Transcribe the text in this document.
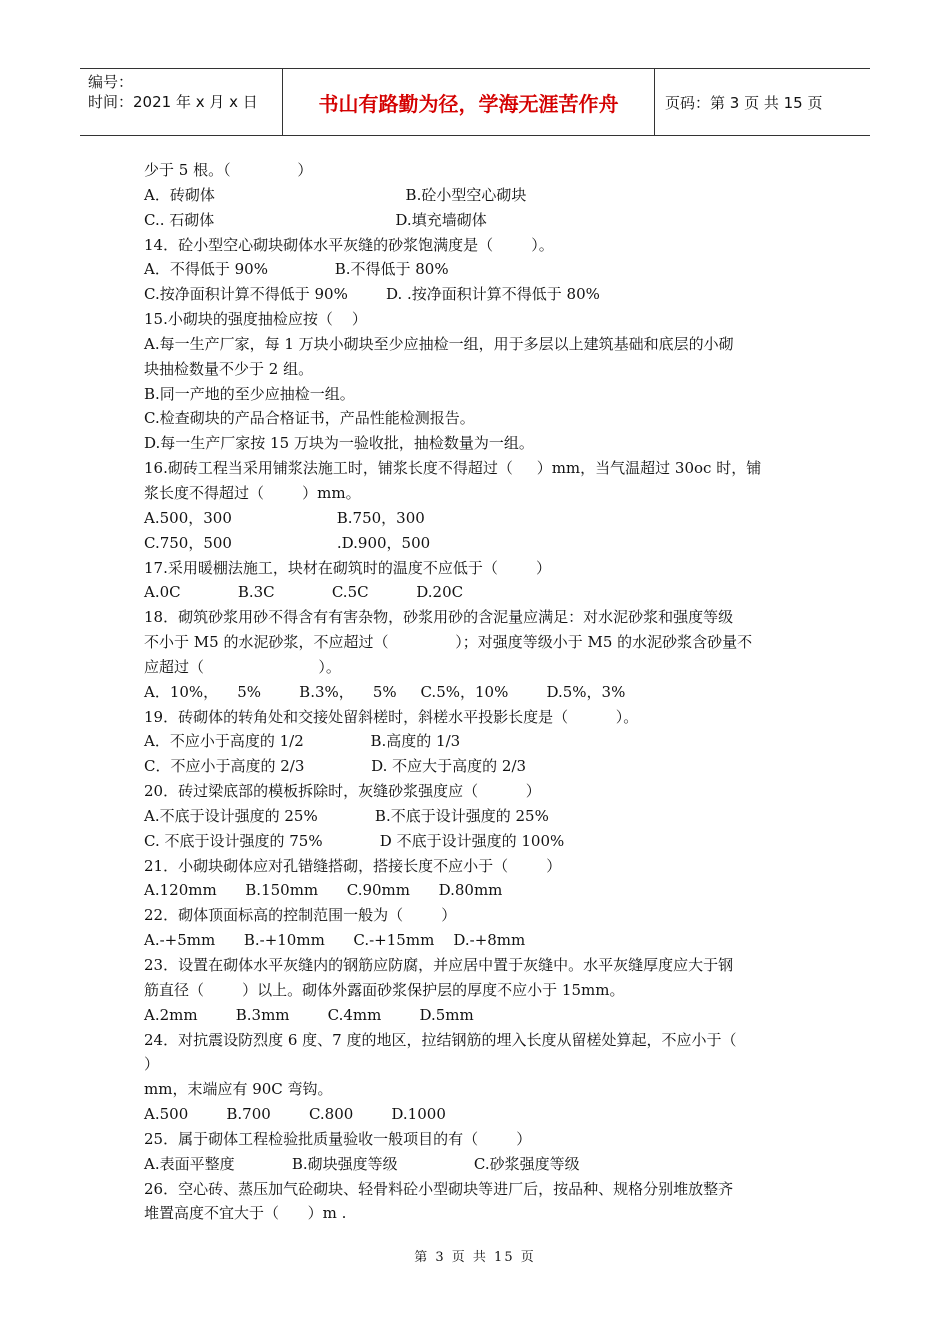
编号：
时间：2021 年 x 月 x 日	书山有路勤为径，学海无涯苦作舟	页码：第 3 页 共 15 页
少于 5 根。（              ）
A．砖砌体                                        B.砼小型空心砌块
C.. 石砌体                                      D.填充墙砌体
14．砼小型空心砌块砌体水平灰缝的砂浆饱满度是（        ）。
A．不得低于 90%              B.不得低于 80%
C.按净面积计算不得低于 90%        D. .按净面积计算不得低于 80%
15.小砌块的强度抽检应按（    ）
A.每一生产厂家，每 1 万块小砌块至少应抽检一组，用于多层以上建筑基础和底层的小砌
块抽检数量不少于 2 组。
B.同一产地的至少应抽检一组。
C.检查砌块的产品合格证书，产品性能检测报告。
D.每一生产厂家按 15 万块为一验收批，抽检数量为一组。
16.砌砖工程当采用铺浆法施工时，铺浆长度不得超过（     ）mm，当气温超过 30oc 时，铺
浆长度不得超过（        ）mm。
A.500，300                      B.750，300
C.750，500                      .D.900，500
17.采用暖棚法施工，块材在砌筑时的温度不应低于（        ）
A.0C            B.3C            C.5C          D.20C
18．砌筑砂浆用砂不得含有有害杂物，砂浆用砂的含泥量应满足：对水泥砂浆和强度等级
不小于 M5 的水泥砂浆，不应超过（              ）；对强度等级小于 M5 的水泥砂浆含砂量不
应超过（                        ）。
A．10%，    5%        B.3%，    5%     C.5%，10%        D.5%，3%
19．砖砌体的转角处和交接处留斜槎时，斜槎水平投影长度是（          ）。
A．不应小于高度的 1/2              B.高度的 1/3
C．不应小于高度的 2/3              D. 不应大于高度的 2/3
20．砖过梁底部的模板拆除时，灰缝砂浆强度应（          ）
A.不底于设计强度的 25%            B.不底于设计强度的 25%
C. 不底于设计强度的 75%            D 不底于设计强度的 100%
21．小砌块砌体应对孔错缝搭砌，搭接长度不应小于（        ）
A.120mm      B.150mm      C.90mm      D.80mm
22．砌体顶面标高的控制范围一般为（        ）
A.-+5mm      B.-+10mm      C.-+15mm    D.-+8mm
23．设置在砌体水平灰缝内的钢筋应防腐，并应居中置于灰缝中。水平灰缝厚度应大于钢
筋直径（        ）以上。砌体外露面砂浆保护层的厚度不应小于 15mm。
A.2mm        B.3mm        C.4mm        D.5mm
24．对抗震设防烈度 6 度、7 度的地区，拉结钢筋的埋入长度从留槎处算起，不应小于（
）
mm，末端应有 90C 弯钩。
A.500        B.700        C.800        D.1000
25．属于砌体工程检验批质量验收一般项目的有（        ）
A.表面平整度            B.砌块强度等级                C.砂浆强度等级
26．空心砖、蒸压加气砼砌块、轻骨料砼小型砌块等进厂后，按品种、规格分别堆放整齐
堆置高度不宜大于（      ）m .
第 3 页 共 15 页
